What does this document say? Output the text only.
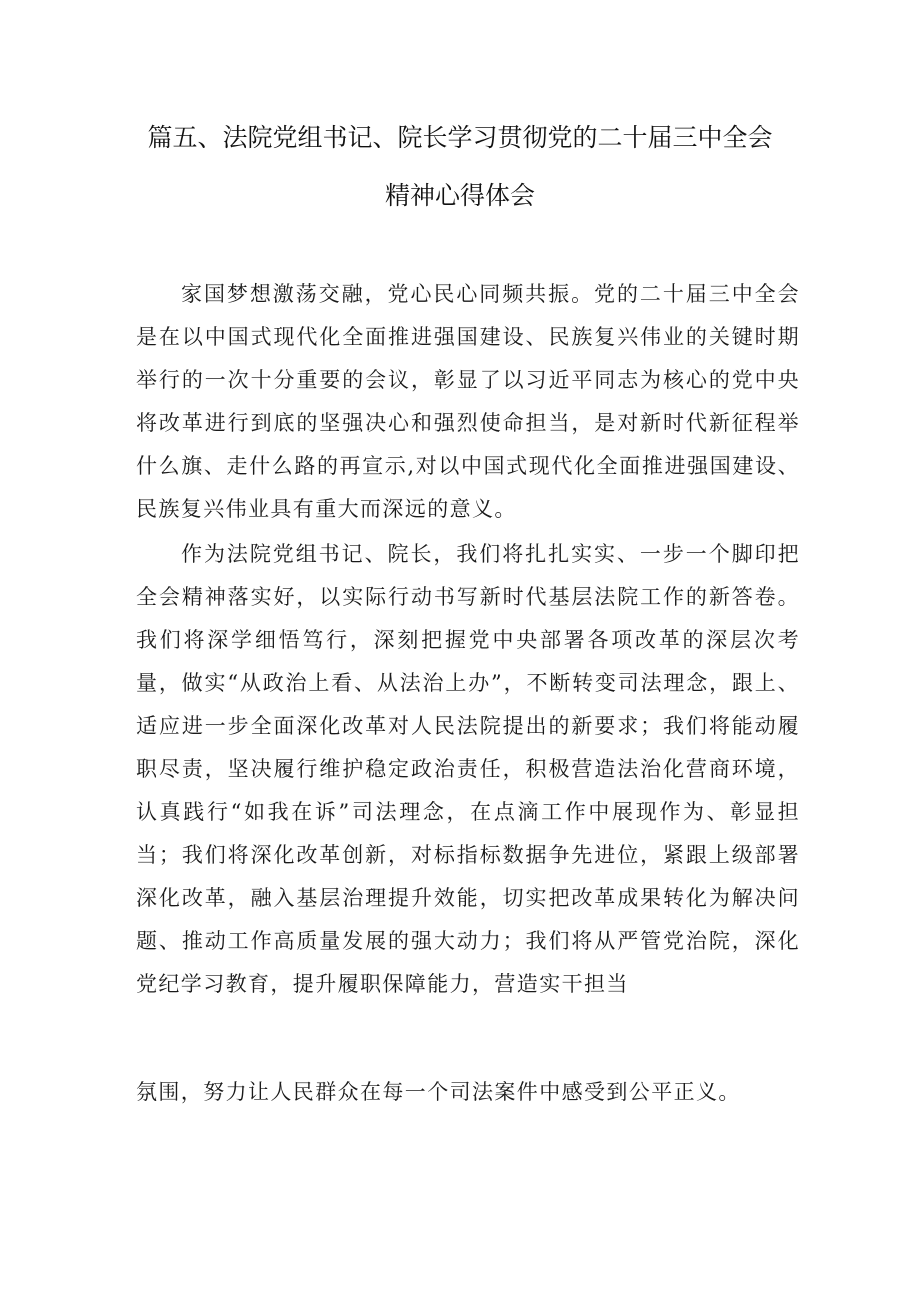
篇五、法院党组书记、院长学习贯彻党的二十届三中全会
精神心得体会

家国梦想激荡交融，党心民心同频共振。党的二十届三中全会是在以中国式现代化全面推进强国建设、民族复兴伟业的关键时期举行的一次十分重要的会议，彰显了以习近平同志为核心的党中央将改革进行到底的坚强决心和强烈使命担当，是对新时代新征程举什么旗、走什么路的再宣示,对以中国式现代化全面推进强国建设、民族复兴伟业具有重大而深远的意义。

作为法院党组书记、院长，我们将扎扎实实、一步一个脚印把全会精神落实好，以实际行动书写新时代基层法院工作的新答卷。我们将深学细悟笃行，深刻把握党中央部署各项改革的深层次考量，做实“从政治上看、从法治上办”，不断转变司法理念，跟上、适应进一步全面深化改革对人民法院提出的新要求；我们将能动履职尽责，坚决履行维护稳定政治责任，积极营造法治化营商环境，认真践行“如我在诉”司法理念，在点滴工作中展现作为、彰显担当；我们将深化改革创新，对标指标数据争先进位，紧跟上级部署深化改革，融入基层治理提升效能，切实把改革成果转化为解决问题、推动工作高质量发展的强大动力；我们将从严管党治院，深化党纪学习教育，提升履职保障能力，营造实干担当

氛围，努力让人民群众在每一个司法案件中感受到公平正义。
